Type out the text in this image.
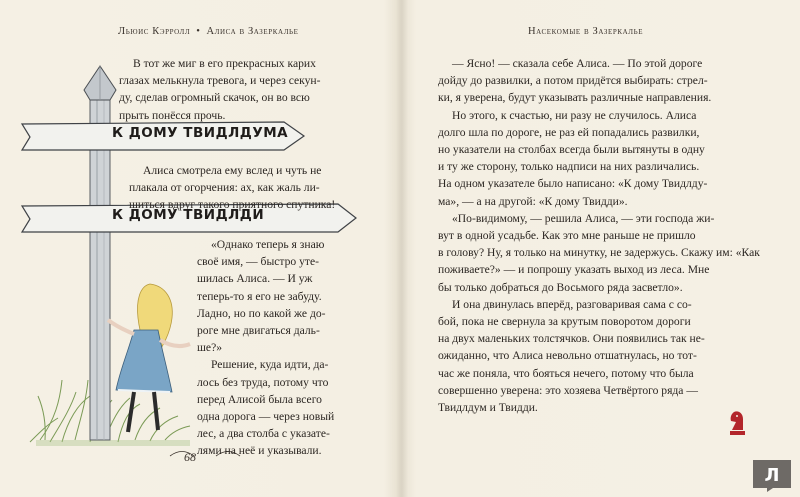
Льюис Кэрролл • Алиса в Зазеркалье	Насекомые в Зазеркалье
К ДОМУ ТВИДЛДУМА
К ДОМУ ТВИДЛДИ
В тот же миг в его прекрасных карих
глазах мелькнула тревога, и через секун-
ду, сделав огромный скачок, он во всю
прыть понёсся прочь.
Алиса смотрела ему вслед и чуть не
плакала от огорчения: ах, как жаль ли-
шиться вдруг такого приятного спутника!
«Однако теперь я знаю
своё имя, — быстро уте-
шилась Алиса. — И уж
теперь-то я его не забуду.
Ладно, но по какой же до-
роге мне двигаться даль-
ше?»
Решение, куда идти, да-
лось без труда, потому что
перед Алисой была всего
одна дорога — через новый
лес, а два столба с указате-
лями на неё и указывали.
68
— Ясно! — сказала себе Алиса. — По этой дороге
дойду до развилки, а потом придётся выбирать: стрел-
ки, я уверена, будут указывать различные направления.
Но этого, к счастью, ни разу не случилось. Алиса
долго шла по дороге, не раз ей попадались развилки,
но указатели на столбах всегда были вытянуты в одну
и ту же сторону, только надписи на них различались.
На одном указателе было написано: «К дому Твидлду-
ма», — а на другой: «К дому Твидди».
«По-видимому, — решила Алиса, — эти господа жи-
вут в одной усадьбе. Как это мне раньше не пришло
в голову? Ну, я только на минутку, не задержусь. Скажу им: «Как
поживаете?» — и попрошу указать выход из леса. Мне
бы только добраться до Восьмого ряда засветло».
И она двинулась вперёд, разговаривая сама с со-
бой, пока не свернула за крутым поворотом дороги
на двух маленьких толстячков. Они появились так не-
ожиданно, что Алиса невольно отшатнулась, но тот-
час же поняла, что бояться нечего, потому что была
совершенно уверена: это хозяева Четвёртого ряда —
Твидлдум и Твидди.
Л
